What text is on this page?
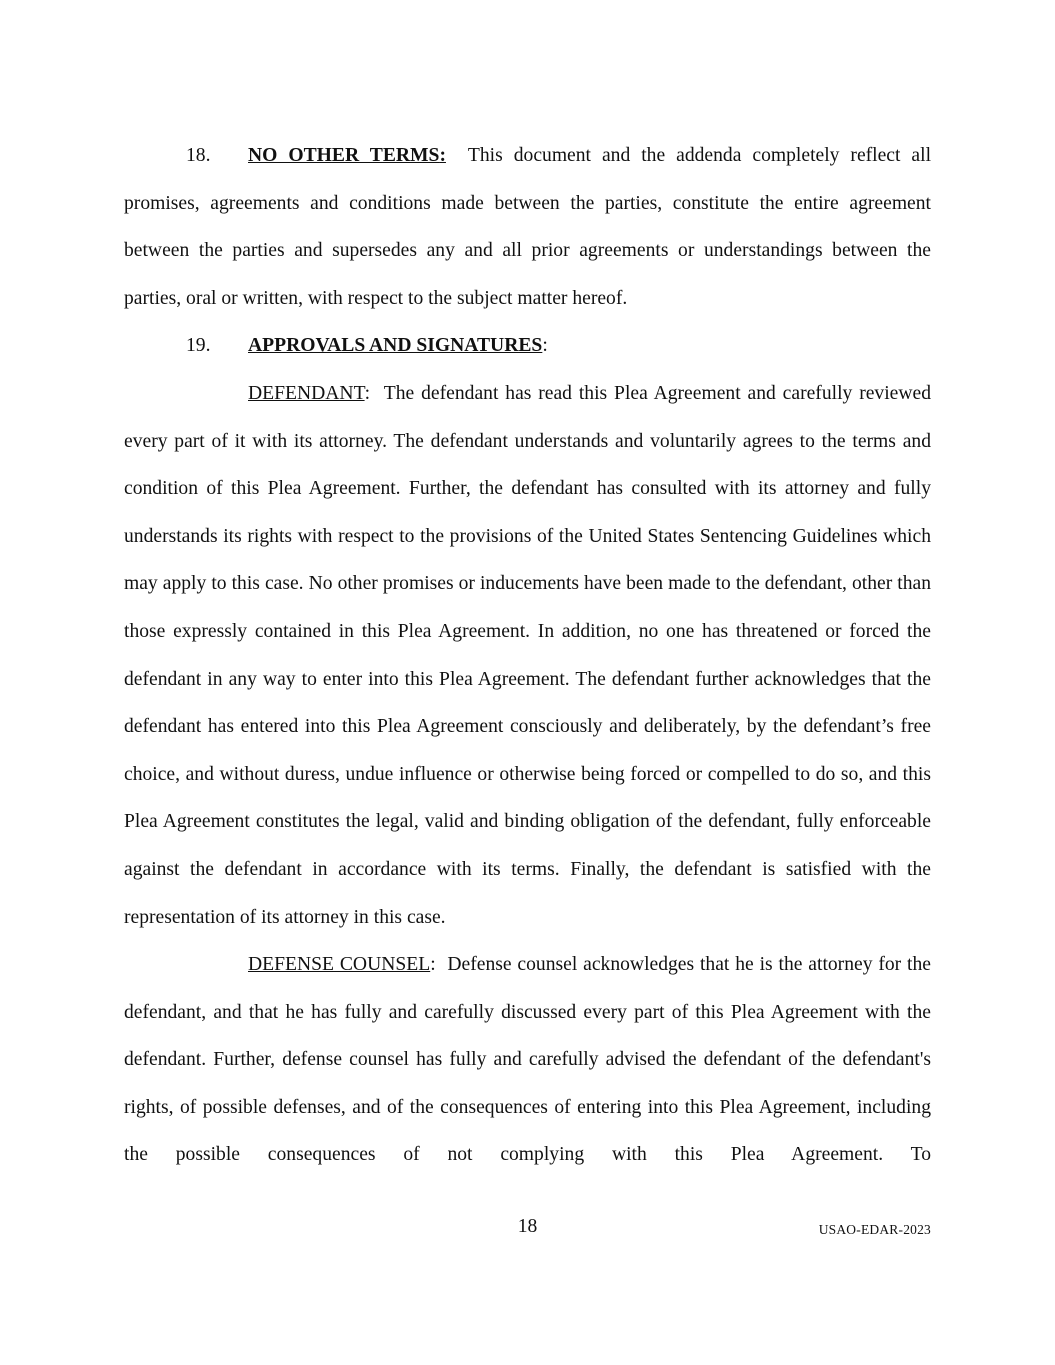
18. NO OTHER TERMS: This document and the addenda completely reflect all promises, agreements and conditions made between the parties, constitute the entire agreement between the parties and supersedes any and all prior agreements or understandings between the parties, oral or written, with respect to the subject matter hereof.

19. APPROVALS AND SIGNATURES:

DEFENDANT: The defendant has read this Plea Agreement and carefully reviewed every part of it with its attorney. The defendant understands and voluntarily agrees to the terms and condition of this Plea Agreement. Further, the defendant has consulted with its attorney and fully understands its rights with respect to the provisions of the United States Sentencing Guidelines which may apply to this case. No other promises or inducements have been made to the defendant, other than those expressly contained in this Plea Agreement. In addition, no one has threatened or forced the defendant in any way to enter into this Plea Agreement. The defendant further acknowledges that the defendant has entered into this Plea Agreement consciously and deliberately, by the defendant’s free choice, and without duress, undue influence or otherwise being forced or compelled to do so, and this Plea Agreement constitutes the legal, valid and binding obligation of the defendant, fully enforceable against the defendant in accordance with its terms. Finally, the defendant is satisfied with the representation of its attorney in this case.

DEFENSE COUNSEL: Defense counsel acknowledges that he is the attorney for the defendant, and that he has fully and carefully discussed every part of this Plea Agreement with the defendant. Further, defense counsel has fully and carefully advised the defendant of the defendant's rights, of possible defenses, and of the consequences of entering into this Plea Agreement, including the possible consequences of not complying with this Plea Agreement. To

18	USAO-EDAR-2023
